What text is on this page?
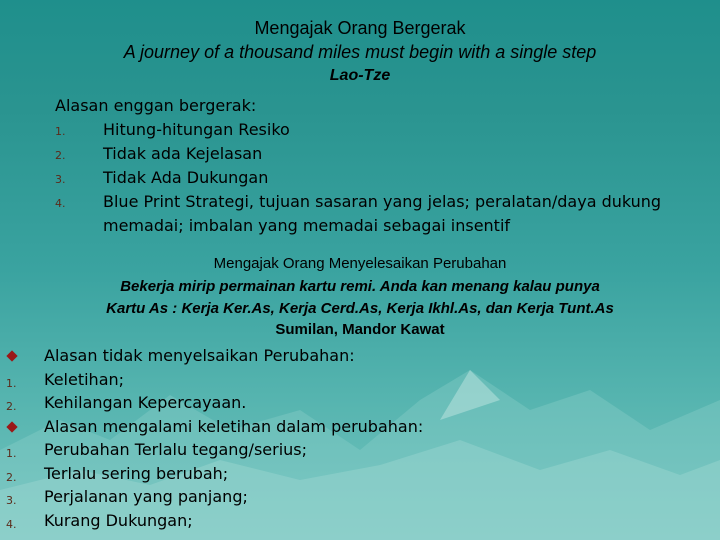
Mengajak Orang Bergerak
A journey of a thousand miles must begin with a single step
Lao-Tze
Alasan enggan bergerak:
1.	Hitung-hitungan Resiko
2.	Tidak ada Kejelasan
3.	Tidak Ada Dukungan
4.	Blue Print Strategi, tujuan sasaran yang jelas; peralatan/daya dukung memadai; imbalan yang memadai sebagai insentif
Mengajak Orang Menyelesaikan Perubahan
Bekerja mirip permainan kartu remi. Anda kan menang kalau punya
Kartu As : Kerja Ker.As, Kerja Cerd.As, Kerja Ikhl.As, dan Kerja Tunt.As
Sumilan, Mandor Kawat
Alasan tidak menyelsaikan Perubahan:
1. Keletihan;
2. Kehilangan Kepercayaan.
Alasan mengalami keletihan dalam perubahan:
1. Perubahan Terlalu tegang/serius;
2. Terlalu sering berubah;
3. Perjalanan yang panjang;
4. Kurang Dukungan;
